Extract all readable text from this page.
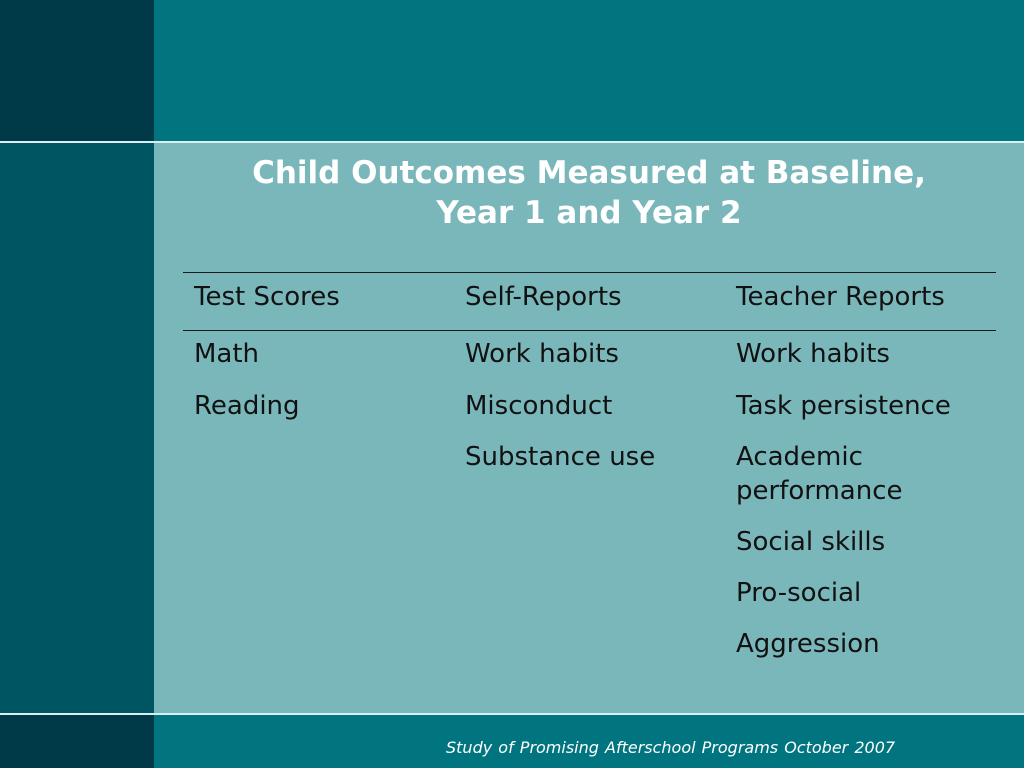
Child Outcomes Measured at Baseline,
Year 1 and Year 2
Test Scores	Self-Reports	Teacher Reports
Math
Reading
Work habits
Misconduct
Substance use
Work habits
Task persistence
Academic performance
Social skills
Pro-social
Aggression
Study of Promising Afterschool Programs October 2007
